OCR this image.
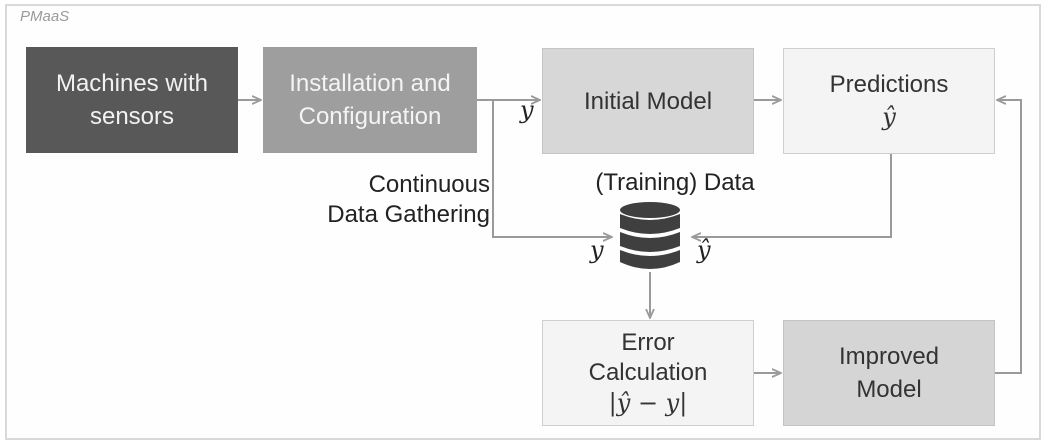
PMaaS
Machines with
sensors
Installation and
Configuration
Initial Model
Predictions
ŷ
Error
Calculation
|ŷ − y|
Improved
Model
Continuous
Data Gathering
(Training) Data
y
y	ŷ
